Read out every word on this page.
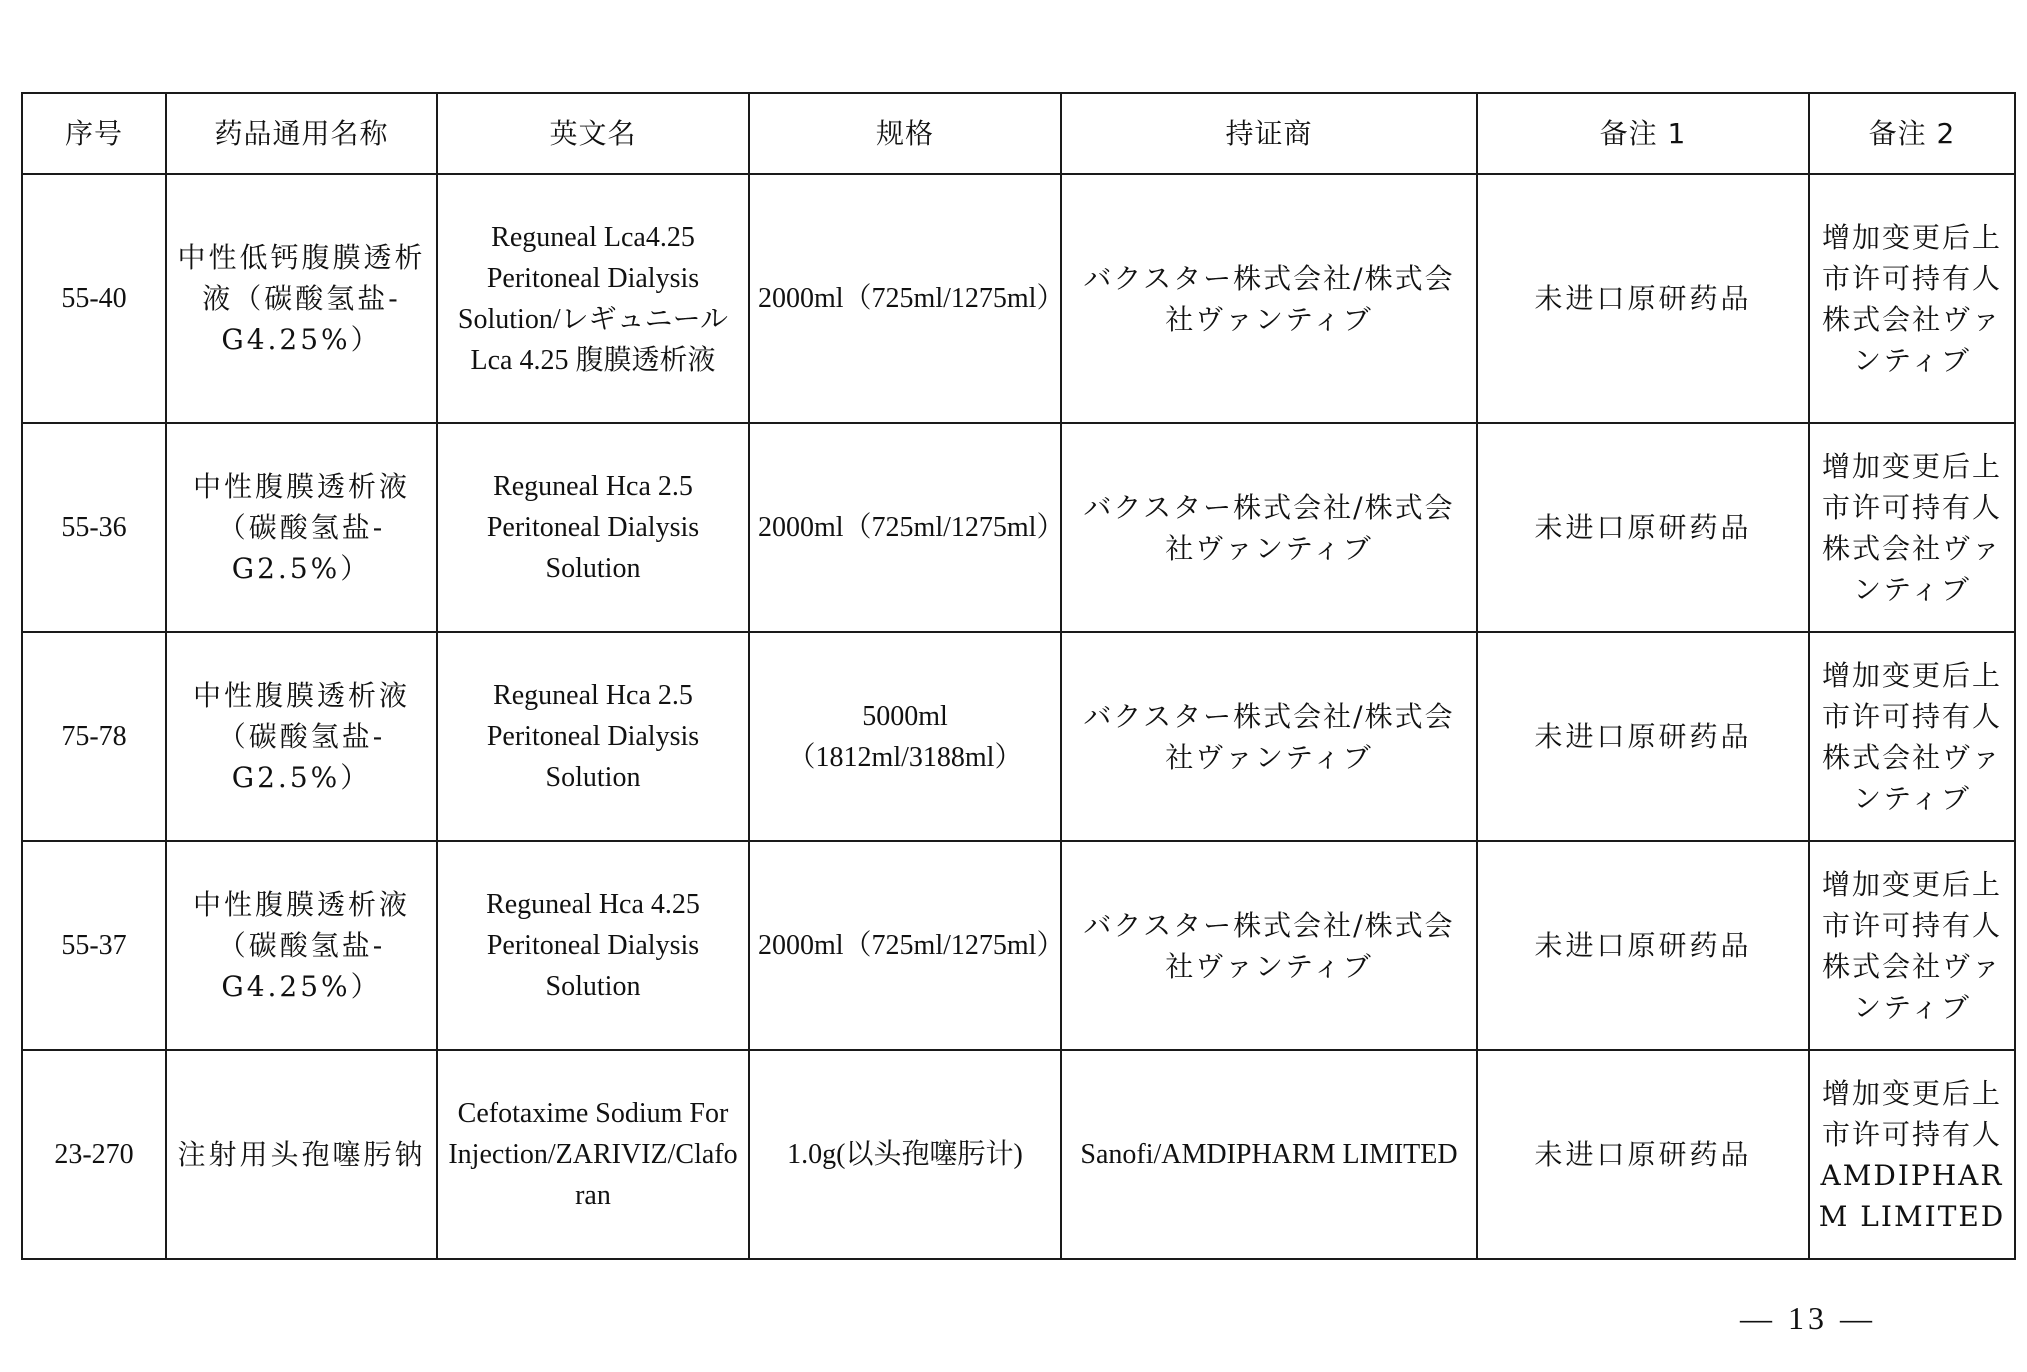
序号	药品通用名称	英文名	规格	持证商	备注 1	备注 2
55-40	中性低钙腹膜透析液（碳酸氢盐-G4.25%）	Reguneal Lca4.25 Peritoneal Dialysis Solution/レギュニール Lca 4.25 腹膜透析液	2000ml（725ml/1275ml）	バクスター株式会社/株式会社ヴァンティブ	未进口原研药品	增加变更后上市许可持有人株式会社ヴァンティブ
55-36	中性腹膜透析液（碳酸氢盐-G2.5%）	Reguneal Hca 2.5 Peritoneal Dialysis Solution	2000ml（725ml/1275ml）	バクスター株式会社/株式会社ヴァンティブ	未进口原研药品	增加变更后上市许可持有人株式会社ヴァンティブ
75-78	中性腹膜透析液（碳酸氢盐-G2.5%）	Reguneal Hca 2.5 Peritoneal Dialysis Solution	5000ml（1812ml/3188ml）	バクスター株式会社/株式会社ヴァンティブ	未进口原研药品	增加变更后上市许可持有人株式会社ヴァンティブ
55-37	中性腹膜透析液（碳酸氢盐-G4.25%）	Reguneal Hca 4.25 Peritoneal Dialysis Solution	2000ml（725ml/1275ml）	バクスター株式会社/株式会社ヴァンティブ	未进口原研药品	增加变更后上市许可持有人株式会社ヴァンティブ
23-270	注射用头孢噻肟钠	Cefotaxime Sodium For Injection/ZARIVIZ/Claforan	1.0g(以头孢噻肟计)	Sanofi/AMDIPHARM LIMITED	未进口原研药品	增加变更后上市许可持有人AMDIPHARM LIMITED
— 13 —
